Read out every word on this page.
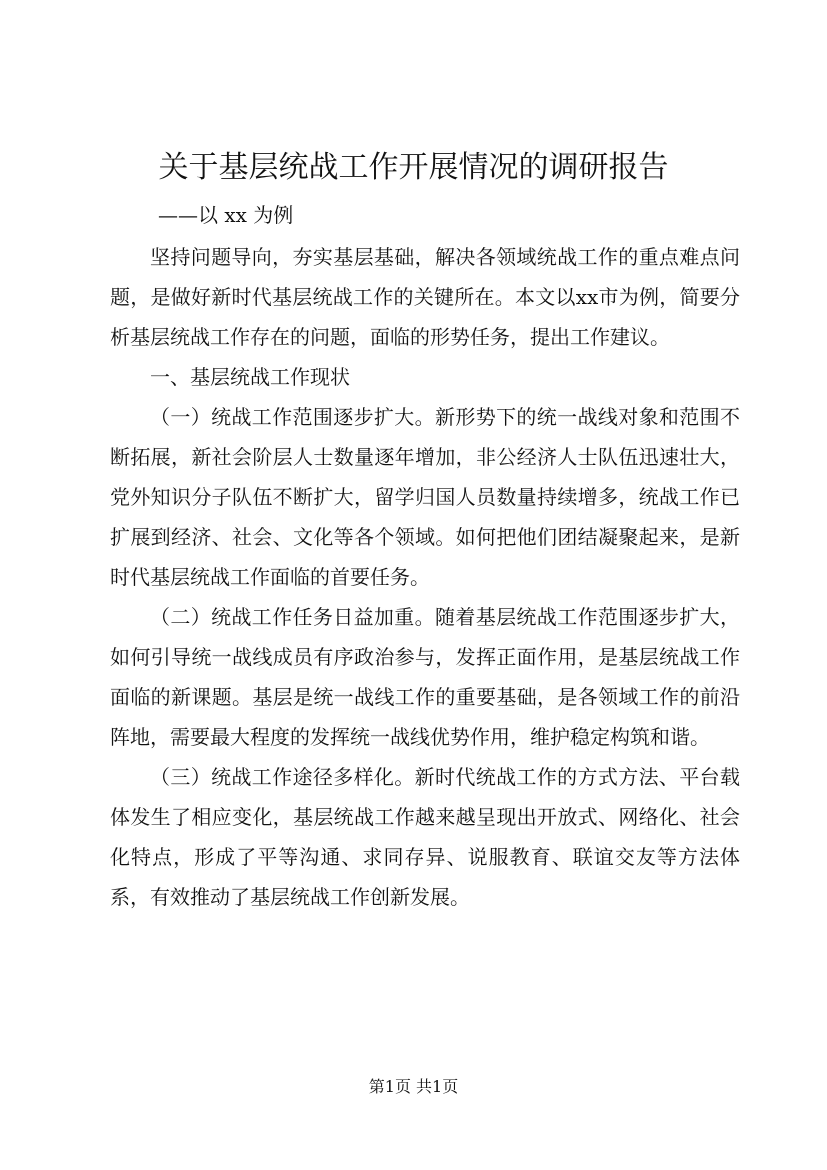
关于基层统战工作开展情况的调研报告

——以 xx 为例

坚持问题导向，夯实基层基础，解决各领域统战工作的重点难点问题，是做好新时代基层统战工作的关键所在。本文以xx市为例，简要分析基层统战工作存在的问题，面临的形势任务，提出工作建议。

一、基层统战工作现状

（一）统战工作范围逐步扩大。新形势下的统一战线对象和范围不断拓展，新社会阶层人士数量逐年增加，非公经济人士队伍迅速壮大，党外知识分子队伍不断扩大，留学归国人员数量持续增多，统战工作已扩展到经济、社会、文化等各个领域。如何把他们团结凝聚起来，是新时代基层统战工作面临的首要任务。

（二）统战工作任务日益加重。随着基层统战工作范围逐步扩大，如何引导统一战线成员有序政治参与，发挥正面作用，是基层统战工作面临的新课题。基层是统一战线工作的重要基础，是各领域工作的前沿阵地，需要最大程度的发挥统一战线优势作用，维护稳定构筑和谐。

（三）统战工作途径多样化。新时代统战工作的方式方法、平台载体发生了相应变化，基层统战工作越来越呈现出开放式、网络化、社会化特点，形成了平等沟通、求同存异、说服教育、联谊交友等方法体系，有效推动了基层统战工作创新发展。

第1页 共1页
